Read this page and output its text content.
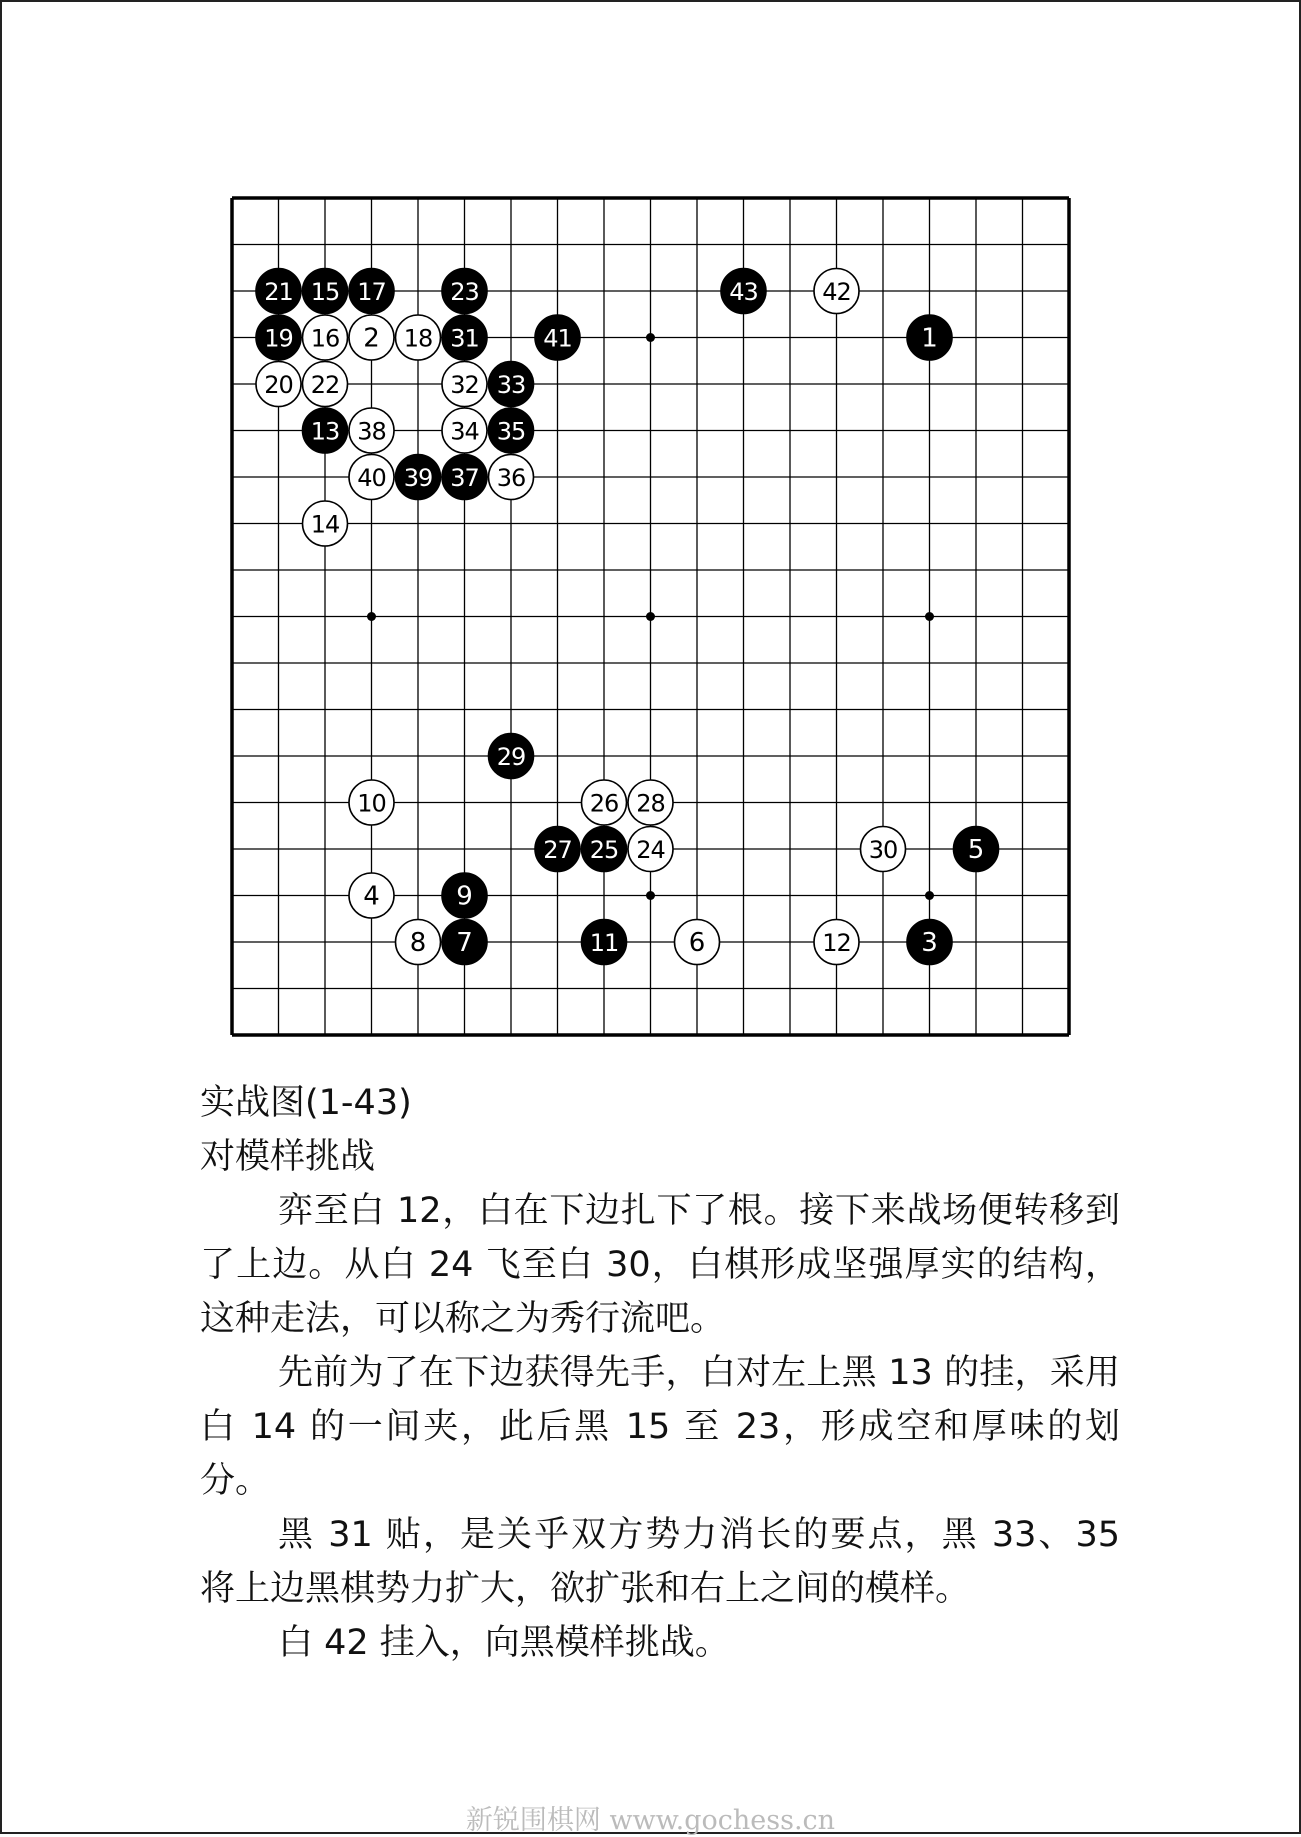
1
2
3
4
5
6
7
8
9
10
11	12
13
14
15
16
17
18
19
20
21
22
23
24
25
26
27
28
29
30
31
32 33
34 35
36
37
38
39
40
41
42
43

实战图(1-43)

对模样挑战

弈至白 12，白在下边扎下了根。接下来战场便转移到了上边。从白 24 飞至白 30，白棋形成坚强厚实的结构，这种走法，可以称之为秀行流吧。

先前为了在下边获得先手，白对左上黑 13 的挂，采用白 14 的一间夹，此后黑 15 至 23，形成空和厚味的划分。

黑 31 贴，是关乎双方势力消长的要点，黑 33、35 将上边黑棋势力扩大，欲扩张和右上之间的模样。

白 42 挂入，向黑模样挑战。

新锐围棋网 www.gochess.cn
